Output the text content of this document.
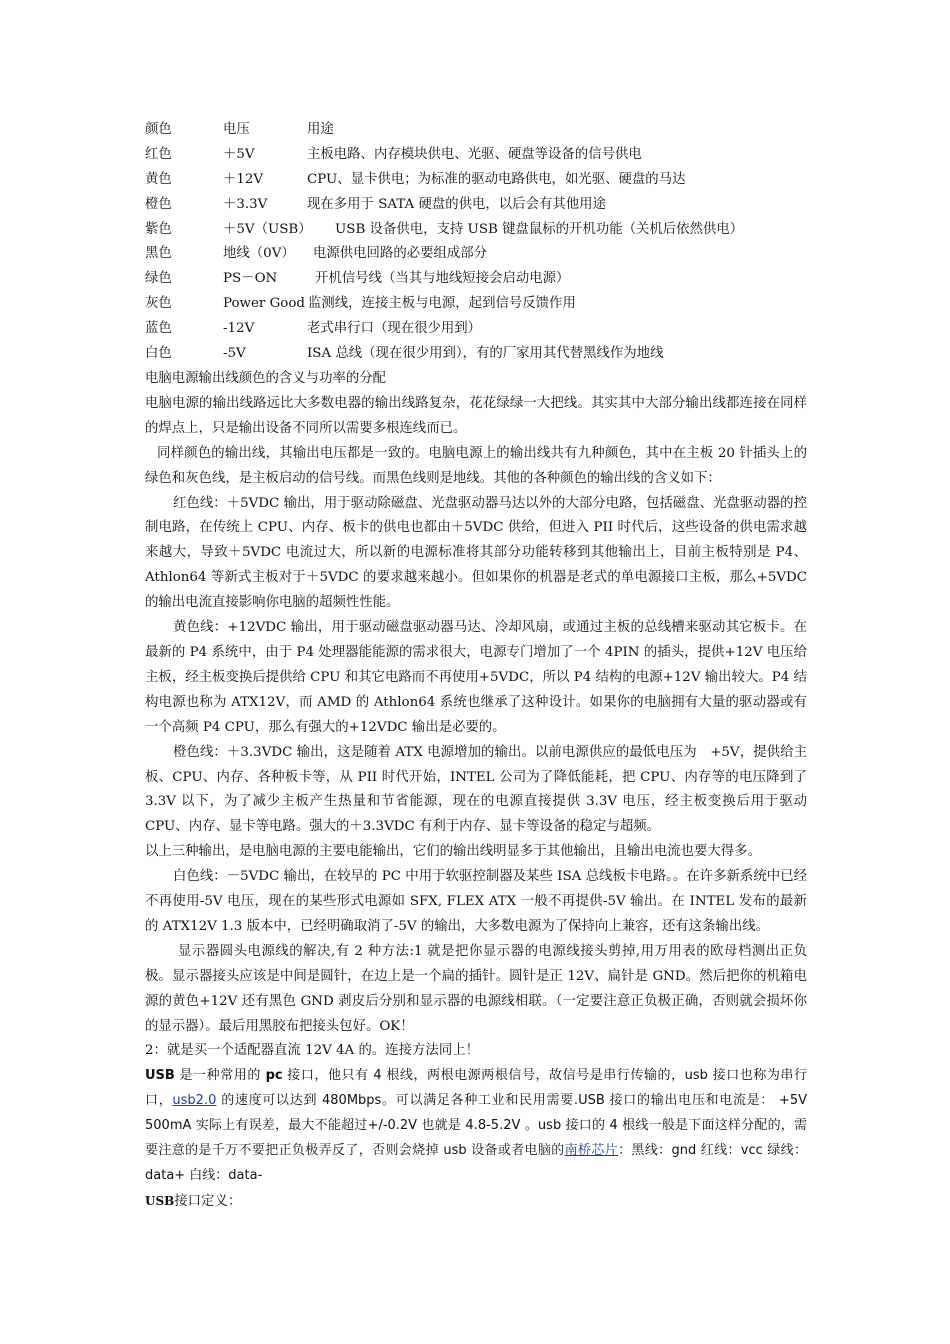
颜色	电压	用途
红色	＋5V	主板电路、内存模块供电、光驱、硬盘等设备的信号供电
黄色	＋12V	CPU、显卡供电；为标准的驱动电路供电，如光驱、硬盘的马达
橙色	＋3.3V	现在多用于 SATA 硬盘的供电，以后会有其他用途
紫色	＋5V（USB） USB 设备供电，支持 USB 键盘鼠标的开机功能（关机后依然供电）
黑色	地线（0V） 电源供电回路的必要组成部分
绿色	PS－ON	开机信号线（当其与地线短接会启动电源）
灰色	Power Good 监测线，连接主板与电源，起到信号反馈作用
蓝色	-12V	老式串行口（现在很少用到）
白色	-5V	ISA 总线（现在很少用到），有的厂家用其代替黑线作为地线

电脑电源输出线颜色的含义与功率的分配

电脑电源的输出线路远比大多数电器的输出线路复杂，花花绿绿一大把线。其实其中大部分输出线都连接在同样的焊点上，只是输出设备不同所以需要多根连线而已。

同样颜色的输出线，其输出电压都是一致的。电脑电源上的输出线共有九种颜色，其中在主板 20 针插头上的绿色和灰色线，是主板启动的信号线。而黑色线则是地线。其他的各种颜色的输出线的含义如下：

红色线：＋5VDC 输出，用于驱动除磁盘、光盘驱动器马达以外的大部分电路，包括磁盘、光盘驱动器的控制电路，在传统上 CPU、内存、板卡的供电也都由＋5VDC 供给，但进入 PII 时代后，这些设备的供电需求越来越大，导致＋5VDC 电流过大，所以新的电源标准将其部分功能转移到其他输出上，目前主板特别是 P4、Athlon64 等新式主板对于＋5VDC 的要求越来越小。但如果你的机器是老式的单电源接口主板，那么+5VDC 的输出电流直接影响你电脑的超频性性能。

黄色线：+12VDC 输出，用于驱动磁盘驱动器马达、冷却风扇，或通过主板的总线槽来驱动其它板卡。在最新的 P4 系统中，由于 P4 处理器能能源的需求很大，电源专门增加了一个 4PIN 的插头，提供+12V 电压给主板，经主板变换后提供给 CPU 和其它电路而不再使用+5VDC，所以 P4 结构的电源+12V 输出较大。P4 结构电源也称为 ATX12V，而 AMD 的 Athlon64 系统也继承了这种设计。如果你的电脑拥有大量的驱动器或有一个高频 P4 CPU，那么有强大的+12VDC 输出是必要的。

橙色线：＋3.3VDC 输出，这是随着 ATX 电源增加的输出。以前电源供应的最低电压为　+5V，提供给主板、CPU、内存、各种板卡等，从 PII 时代开始，INTEL 公司为了降低能耗，把 CPU、内存等的电压降到了 3.3V 以下，为了减少主板产生热量和节省能源，现在的电源直接提供 3.3V 电压，经主板变换后用于驱动 CPU、内存、显卡等电路。强大的＋3.3VDC 有利于内存、显卡等设备的稳定与超频。

以上三种输出，是电脑电源的主要电能输出，它们的输出线明显多于其他输出，且输出电流也要大得多。

白色线：－5VDC 输出，在较早的 PC 中用于软驱控制器及某些 ISA 总线板卡电路。。在许多新系统中已经不再使用-5V 电压，现在的某些形式电源如 SFX, FLEX ATX 一般不再提供-5V 输出。在 INTEL 发布的最新的 ATX12V 1.3 版本中，已经明确取消了-5V 的输出，大多数电源为了保持向上兼容，还有这条输出线。

显示器圆头电源线的解决,有 2 种方法:1 就是把你显示器的电源线接头剪掉,用万用表的欧母档测出正负极。显示器接头应该是中间是圆针，在边上是一个扁的插针。圆针是正 12V、扁针是 GND。然后把你的机箱电源的黄色+12V 还有黑色 GND 剥皮后分别和显示器的电源线相联。（一定要注意正负极正确，否则就会损坏你的显示器）。最后用黑胶布把接头包好。OK！

2：就是买一个适配器直流 12V 4A 的。连接方法同上！

USB 是一种常用的 pc 接口，他只有 4 根线，两根电源两根信号，故信号是串行传输的，usb 接口也称为串行口，usb2.0 的速度可以达到 480Mbps。可以满足各种工业和民用需要.USB 接口的输出电压和电流是： +5V 500mA 实际上有误差，最大不能超过+/-0.2V 也就是 4.8-5.2V 。usb 接口的 4 根线一般是下面这样分配的，需要注意的是千万不要把正负极弄反了，否则会烧掉 usb 设备或者电脑的南桥芯片：黑线：gnd 红线：vcc 绿线：data+ 白线：data-

USB接口定义：
